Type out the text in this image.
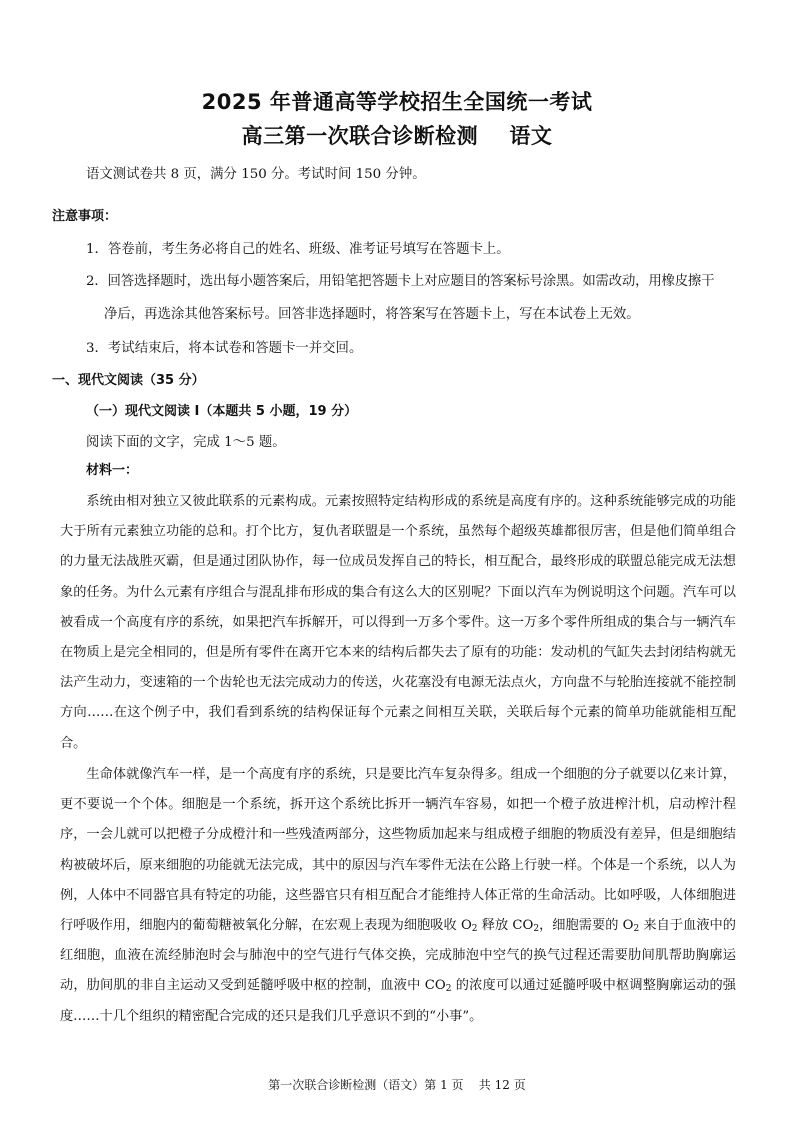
2025 年普通高等学校招生全国统一考试
高三第一次联合诊断检测    语文
语文测试卷共 8 页，满分 150 分。考试时间 150 分钟。
注意事项：
1．答卷前，考生务必将自己的姓名、班级、准考证号填写在答题卡上。
2．回答选择题时，选出每小题答案后，用铅笔把答题卡上对应题目的答案标号涂黑。如需改动，用橡皮擦干
净后，再选涂其他答案标号。回答非选择题时，将答案写在答题卡上，写在本试卷上无效。
3．考试结束后，将本试卷和答题卡一并交回。
一、现代文阅读（35 分）
（一）现代文阅读 I（本题共 5 小题，19 分）
阅读下面的文字，完成 1～5 题。
材料一：
系统由相对独立又彼此联系的元素构成。元素按照特定结构形成的系统是高度有序的。这种系统能够完成的功能大于所有元素独立功能的总和。打个比方，复仇者联盟是一个系统，虽然每个超级英雄都很厉害，但是他们简单组合的力量无法战胜灭霸，但是通过团队协作，每一位成员发挥自己的特长，相互配合，最终形成的联盟总能完成无法想象的任务。为什么元素有序组合与混乱排布形成的集合有这么大的区别呢？下面以汽车为例说明这个问题。汽车可以被看成一个高度有序的系统，如果把汽车拆解开，可以得到一万多个零件。这一万多个零件所组成的集合与一辆汽车在物质上是完全相同的，但是所有零件在离开它本来的结构后都失去了原有的功能：发动机的气缸失去封闭结构就无法产生动力，变速箱的一个齿轮也无法完成动力的传送，火花塞没有电源无法点火，方向盘不与轮胎连接就不能控制方向……在这个例子中，我们看到系统的结构保证每个元素之间相互关联，关联后每个元素的简单功能就能相互配合。
生命体就像汽车一样，是一个高度有序的系统，只是要比汽车复杂得多。组成一个细胞的分子就要以亿来计算，更不要说一个个体。细胞是一个系统，拆开这个系统比拆开一辆汽车容易，如把一个橙子放进榨汁机，启动榨汁程序，一会儿就可以把橙子分成橙汁和一些残渣两部分，这些物质加起来与组成橙子细胞的物质没有差异，但是细胞结构被破坏后，原来细胞的功能就无法完成，其中的原因与汽车零件无法在公路上行驶一样。个体是一个系统，以人为例，人体中不同器官具有特定的功能，这些器官只有相互配合才能维持人体正常的生命活动。比如呼吸，人体细胞进行呼吸作用，细胞内的葡萄糖被氧化分解，在宏观上表现为细胞吸收 $O_2$ 释放 $CO_2$，细胞需要的 $O_2$ 来自于血液中的红细胞，血液在流经肺泡时会与肺泡中的空气进行气体交换，完成肺泡中空气的换气过程还需要肋间肌帮助胸廓运动，肋间肌的非自主运动又受到延髓呼吸中枢的控制，血液中 $CO_2$ 的浓度可以通过延髓呼吸中枢调整胸廓运动的强度……十几个组织的精密配合完成的还只是我们几乎意识不到的“小事”。
第一次联合诊断检测（语文）第 1 页    共 12 页
